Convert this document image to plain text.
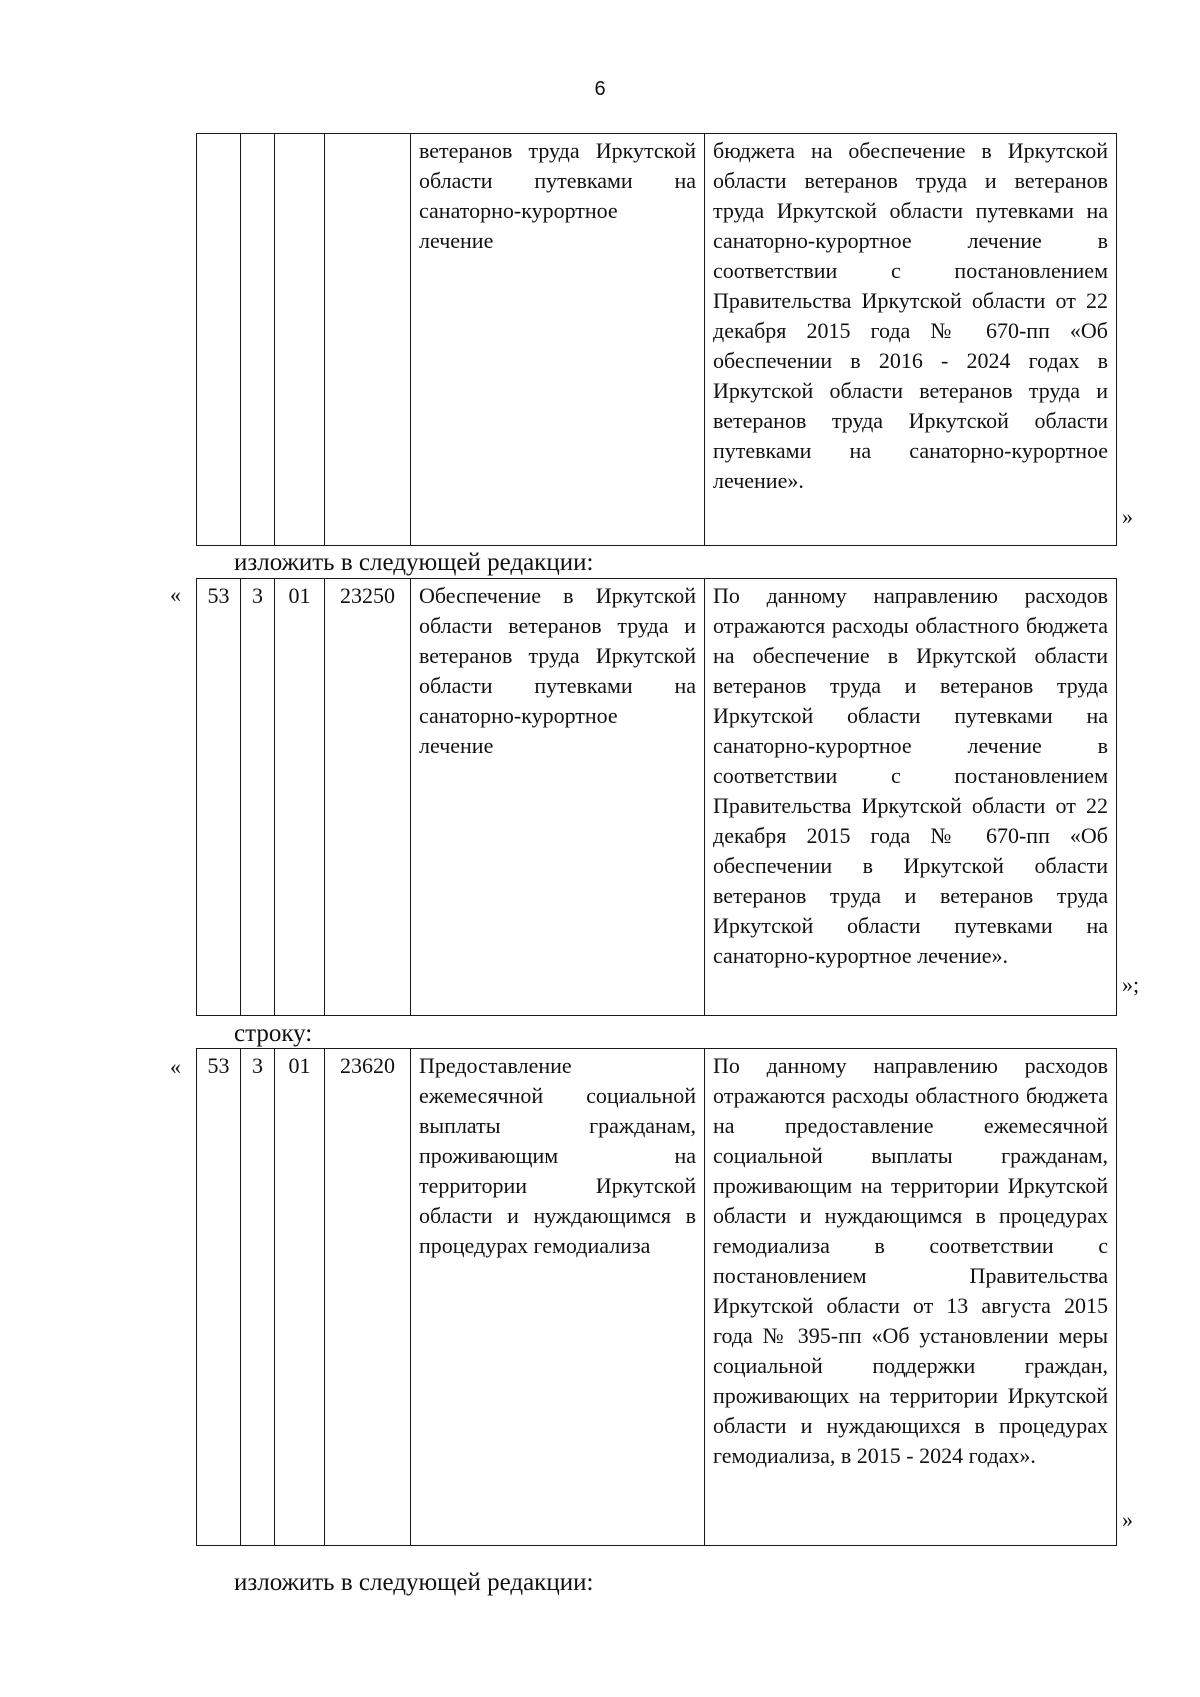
6
				ветеранов труда Иркутской области путевками на санаторно-курортное лечение	бюджета на обеспечение в Иркутской области ветеранов труда и ветеранов труда Иркутской области путевками на санаторно-курортное лечение в соответствии с постановлением Правительства Иркутской области от 22 декабря 2015 года № 670-пп «Об обеспечении в 2016 - 2024 годах в Иркутской области ветеранов труда и ветеранов труда Иркутской области путевками на санаторно-курортное лечение».
»
изложить в следующей редакции:
« 53	3	01	23250	Обеспечение в Иркутской области ветеранов труда и ветеранов труда Иркутской области путевками на санаторно-курортное лечение	По данному направлению расходов отражаются расходы областного бюджета на обеспечение в Иркутской области ветеранов труда и ветеранов труда Иркутской области путевками на санаторно-курортное лечение в соответствии с постановлением Правительства Иркутской области от 22 декабря 2015 года № 670-пп «Об обеспечении в Иркутской области ветеранов труда и ветеранов труда Иркутской области путевками на санаторно-курортное лечение».
»;
строку:
« 53	3	01	23620	Предоставление ежемесячной социальной выплаты гражданам, проживающим на территории Иркутской области и нуждающимся в процедурах гемодиализа	По данному направлению расходов отражаются расходы областного бюджета на предоставление ежемесячной социальной выплаты гражданам, проживающим на территории Иркутской области и нуждающимся в процедурах гемодиализа в соответствии с постановлением Правительства Иркутской области от 13 августа 2015 года № 395-пп «Об установлении меры социальной поддержки граждан, проживающих на территории Иркутской области и нуждающихся в процедурах гемодиализа, в 2015 - 2024 годах».
»
изложить в следующей редакции:
